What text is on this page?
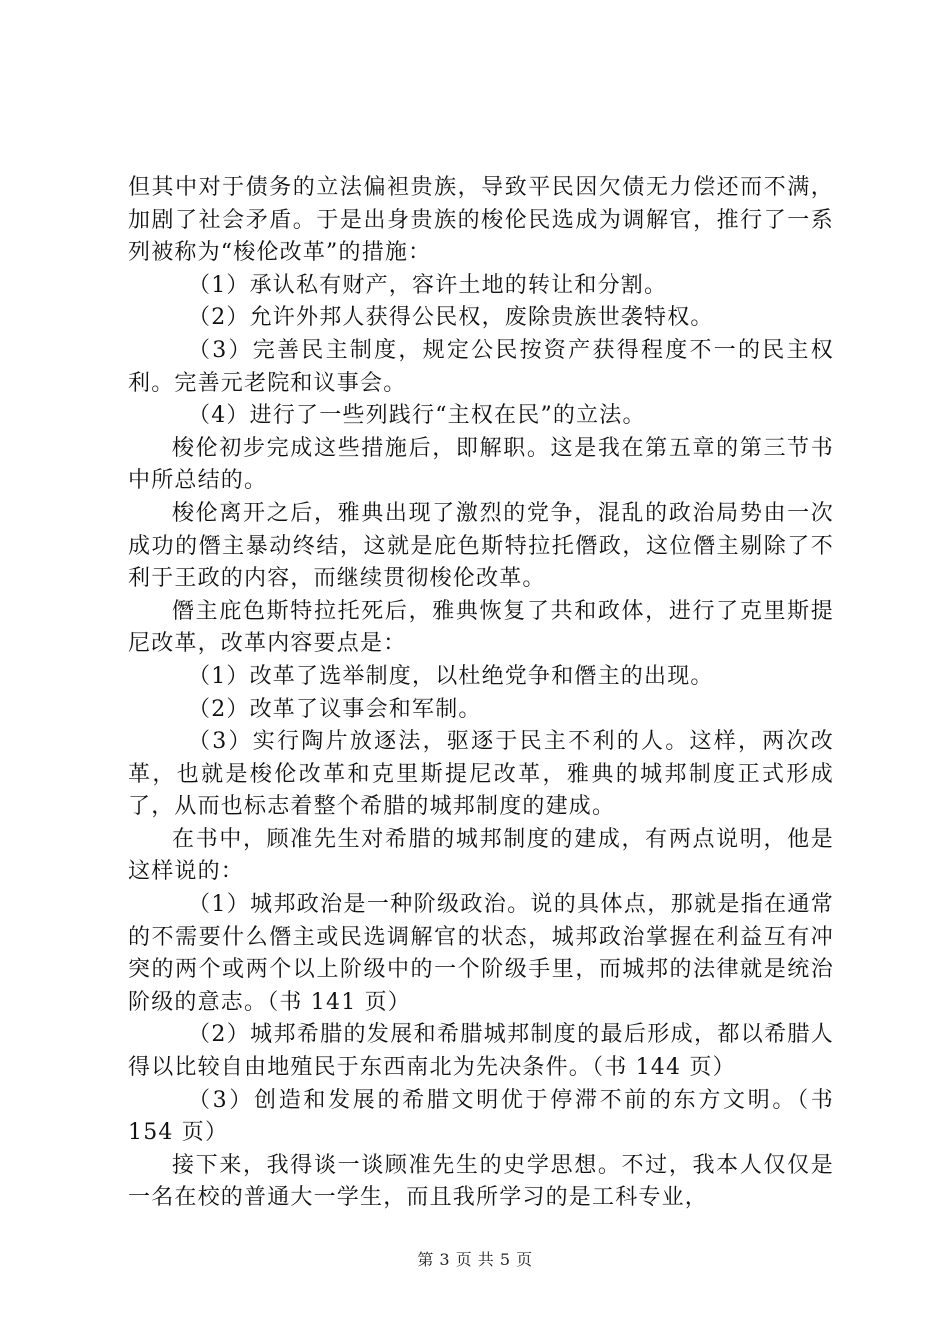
但其中对于债务的立法偏袒贵族，导致平民因欠债无力偿还而不满，加剧了社会矛盾。于是出身贵族的梭伦民选成为调解官，推行了一系列被称为“梭伦改革”的措施：

（1）承认私有财产，容许土地的转让和分割。

（2）允许外邦人获得公民权，废除贵族世袭特权。

（3）完善民主制度，规定公民按资产获得程度不一的民主权利。完善元老院和议事会。

（4）进行了一些列践行“主权在民”的立法。

梭伦初步完成这些措施后，即解职。这是我在第五章的第三节书中所总结的。

梭伦离开之后，雅典出现了激烈的党争，混乱的政治局势由一次成功的僭主暴动终结，这就是庇色斯特拉托僭政，这位僭主剔除了不利于王政的内容，而继续贯彻梭伦改革。

僭主庇色斯特拉托死后，雅典恢复了共和政体，进行了克里斯提尼改革，改革内容要点是：

（1）改革了选举制度，以杜绝党争和僭主的出现。

（2）改革了议事会和军制。

（3）实行陶片放逐法，驱逐于民主不利的人。这样，两次改革，也就是梭伦改革和克里斯提尼改革，雅典的城邦制度正式形成了，从而也标志着整个希腊的城邦制度的建成。

在书中，顾准先生对希腊的城邦制度的建成，有两点说明，他是这样说的：

（1）城邦政治是一种阶级政治。说的具体点，那就是指在通常的不需要什么僭主或民选调解官的状态，城邦政治掌握在利益互有冲突的两个或两个以上阶级中的一个阶级手里，而城邦的法律就是统治阶级的意志。（书 141 页）

（2）城邦希腊的发展和希腊城邦制度的最后形成，都以希腊人得以比较自由地殖民于东西南北为先决条件。（书 144 页）

（3）创造和发展的希腊文明优于停滞不前的东方文明。（书 154 页）

接下来，我得谈一谈顾准先生的史学思想。不过，我本人仅仅是一名在校的普通大一学生，而且我所学习的是工科专业，

第 3 页 共 5 页
